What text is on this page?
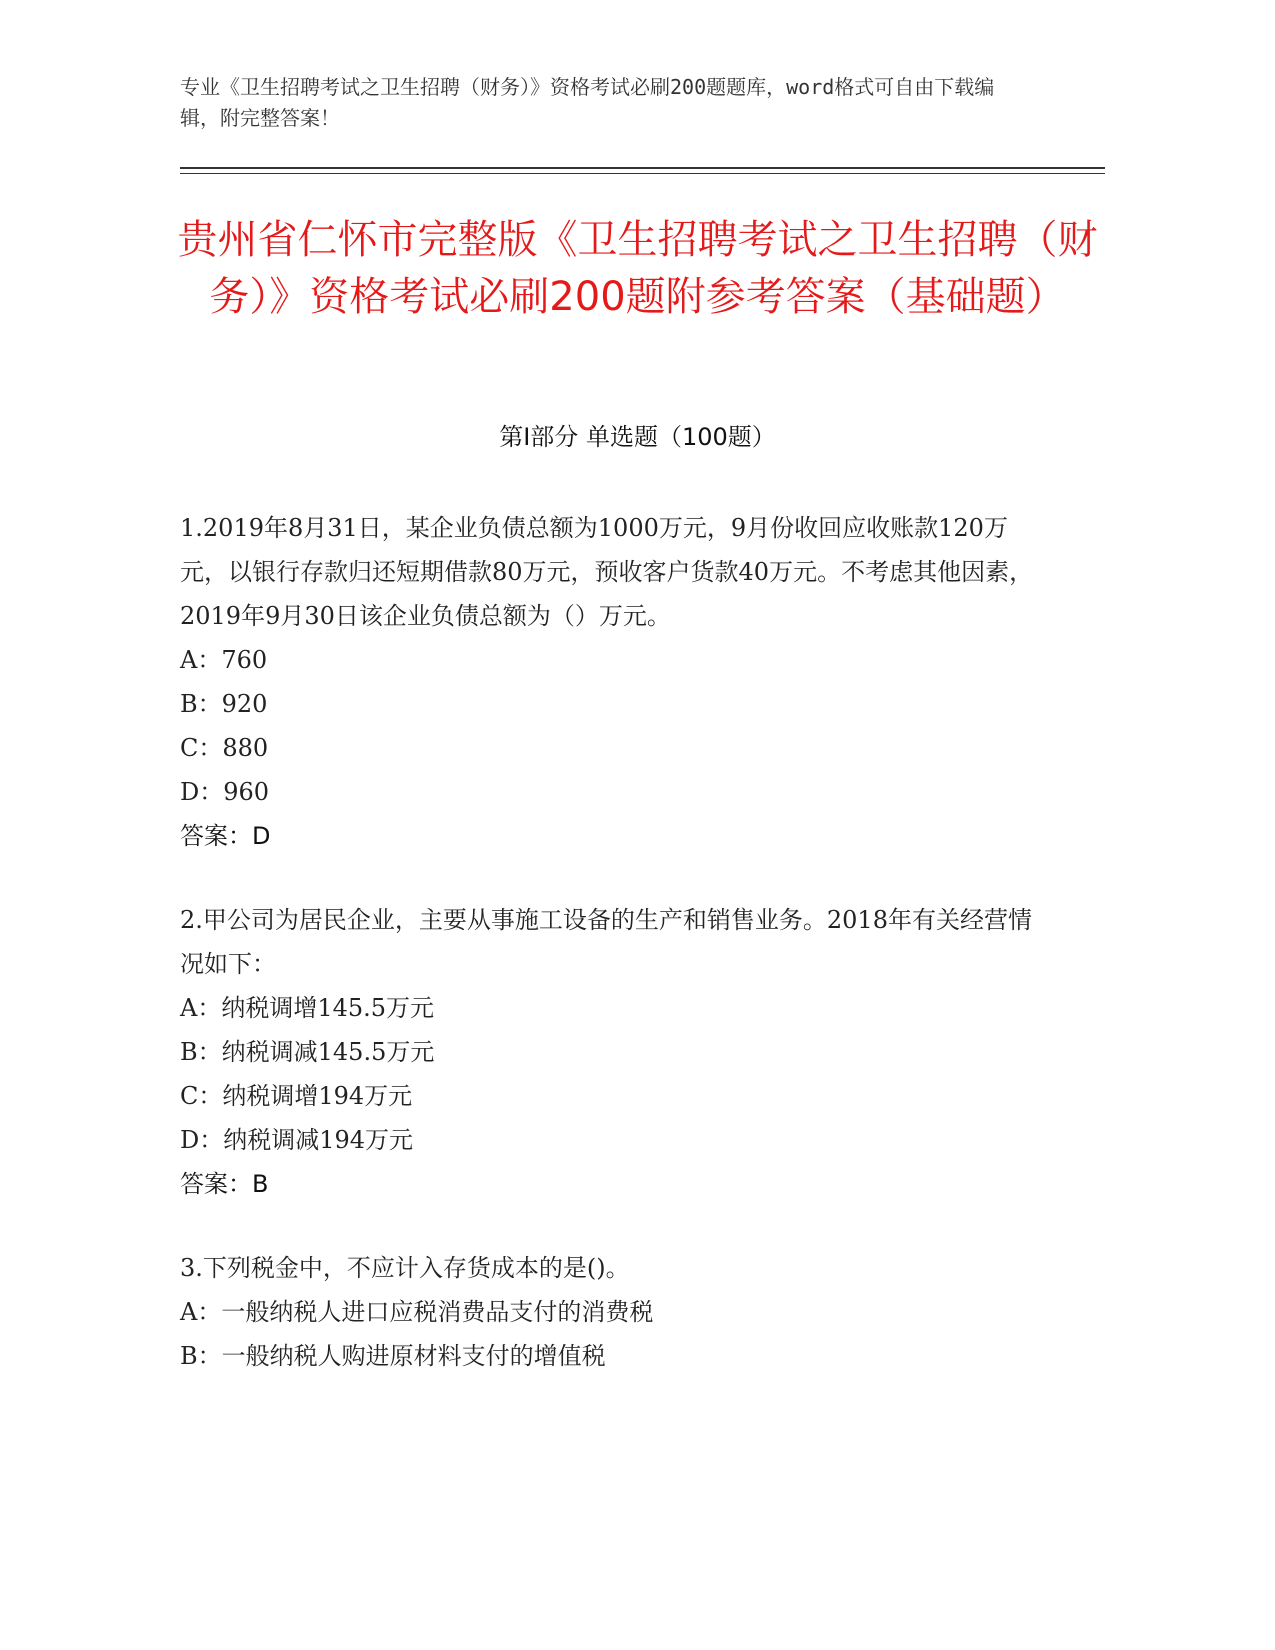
专业《卫生招聘考试之卫生招聘（财务）》资格考试必刷200题题库，word格式可自由下载编辑，附完整答案！
贵州省仁怀市完整版《卫生招聘考试之卫生招聘（财务）》资格考试必刷200题附参考答案（基础题）
第Ⅰ部分 单选题（100题）
1.2019年8月31日，某企业负债总额为1000万元，9月份收回应收账款120万元，以银行存款归还短期借款80万元，预收客户货款40万元。不考虑其他因素，2019年9月30日该企业负债总额为（）万元。
A：760
B：920
C：880
D：960
答案：D
2.甲公司为居民企业，主要从事施工设备的生产和销售业务。2018年有关经营情况如下：
A：纳税调增145.5万元
B：纳税调减145.5万元
C：纳税调增194万元
D：纳税调减194万元
答案：B
3.下列税金中，不应计入存货成本的是()。
A：一般纳税人进口应税消费品支付的消费税
B：一般纳税人购进原材料支付的增值税
